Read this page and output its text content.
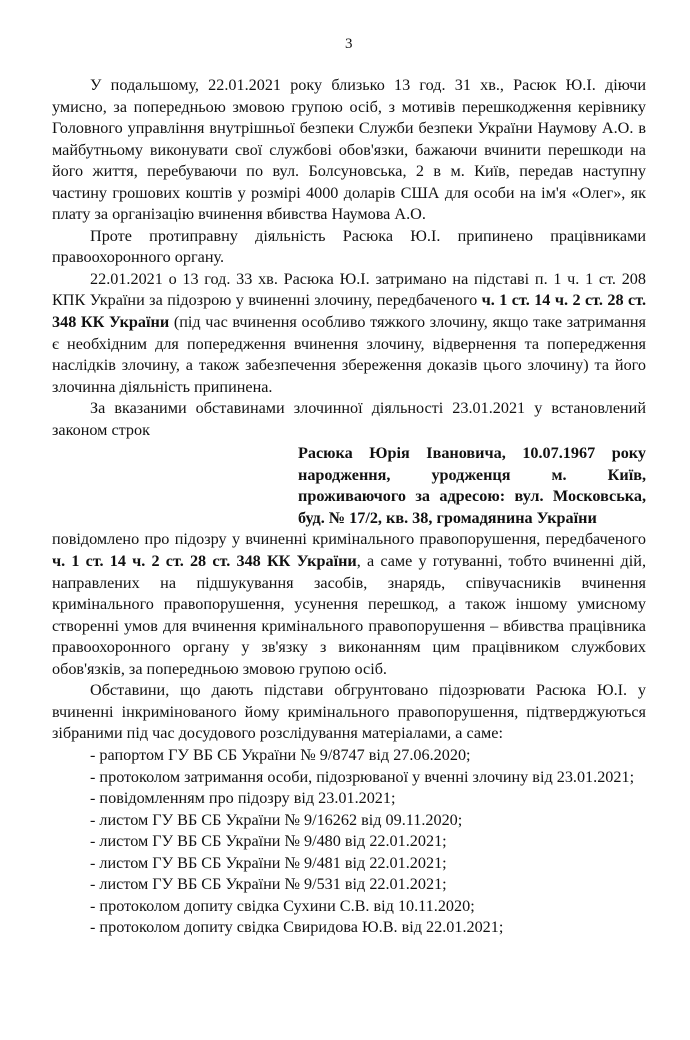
3

У подальшому, 22.01.2021 року близько 13 год. 31 хв., Расюк Ю.І. діючи умисно, за попередньою змовою групою осіб, з мотивів перешкодження керівнику Головного управління внутрішньої безпеки Служби безпеки України Наумову А.О. в майбутньому виконувати свої службові обов'язки, бажаючи вчинити перешкоди на його життя, перебуваючи по вул. Болсуновська, 2 в м. Київ, передав наступну частину грошових коштів у розмірі 4000 доларів США для особи на ім'я «Олег», як плату за організацію вчинення вбивства Наумова А.О.

Проте протиправну діяльність Расюка Ю.І. припинено працівниками правоохоронного органу.

22.01.2021 о 13 год. 33 хв. Расюка Ю.І. затримано на підставі п. 1 ч. 1 ст. 208 КПК України за підозрою у вчиненні злочину, передбаченого ч. 1 ст. 14 ч. 2 ст. 28 ст. 348 КК України (під час вчинення особливо тяжкого злочину, якщо таке затримання є необхідним для попередження вчинення злочину, відвернення та попередження наслідків злочину, а також забезпечення збереження доказів цього злочину) та його злочинна діяльність припинена.

За вказаними обставинами злочинної діяльності 23.01.2021 у встановлений законом строк

Расюка Юрія Івановича, 10.07.1967 року народження, уродженця м. Київ, проживаючого за адресою: вул. Московська, буд. № 17/2, кв. 38, громадянина України

повідомлено про підозру у вчиненні кримінального правопорушення, передбаченого ч. 1 ст. 14 ч. 2 ст. 28 ст. 348 КК України, а саме у готуванні, тобто вчиненні дій, направлених на підшукування засобів, знарядь, співучасників вчинення кримінального правопорушення, усунення перешкод, а також іншому умисному створенні умов для вчинення кримінального правопорушення – вбивства працівника правоохоронного органу у зв'язку з виконанням цим працівником службових обов'язків, за попередньою змовою групою осіб.

Обставини, що дають підстави обгрунтовано підозрювати Расюка Ю.І. у вчиненні інкримінованого йому кримінального правопорушення, підтверджуються зібраними під час досудового розслідування матеріалами, а саме:

- рапортом ГУ ВБ СБ України № 9/8747 від 27.06.2020;

- протоколом затримання особи, підозрюваної у вченні злочину від 23.01.2021;

- повідомленням про підозру від 23.01.2021;

- листом ГУ ВБ СБ України № 9/16262 від 09.11.2020;

- листом ГУ ВБ СБ України № 9/480 від 22.01.2021;

- листом ГУ ВБ СБ України № 9/481 від 22.01.2021;

- листом ГУ ВБ СБ України № 9/531 від 22.01.2021;

- протоколом допиту свідка Сухини С.В. від 10.11.2020;

- протоколом допиту свідка Свиридова Ю.В. від 22.01.2021;
